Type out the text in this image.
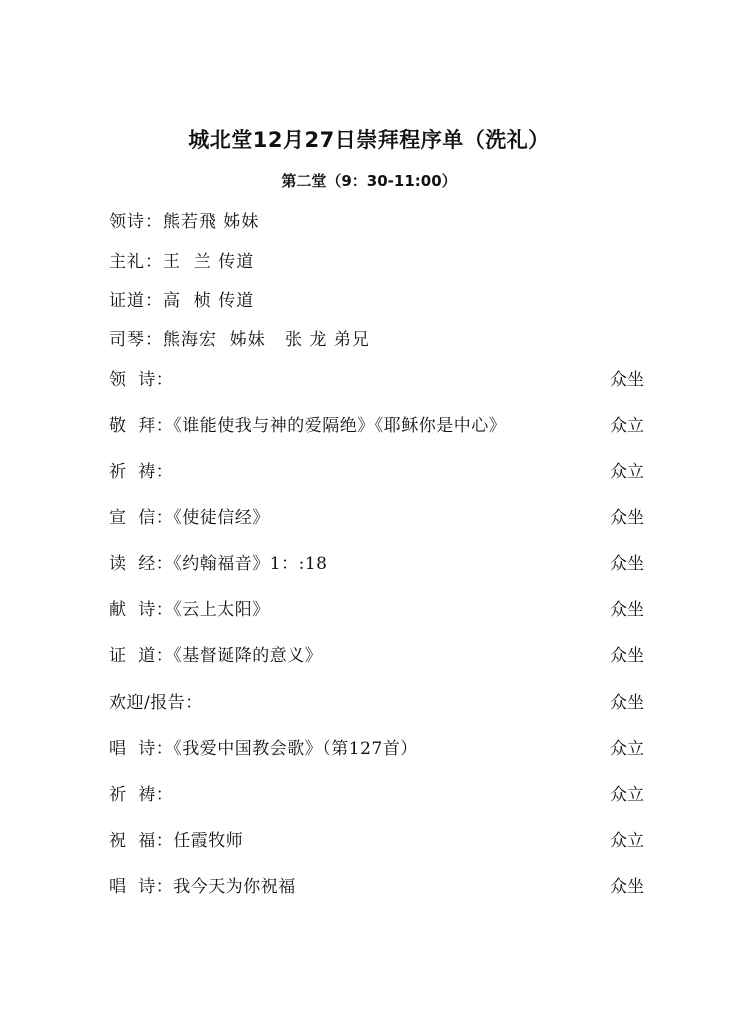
城北堂12月27日崇拜程序单（洗礼）
第二堂（9：30-11:00）
领诗：熊若飛 姊妹
主礼：王  兰 传道
证道：高  桢 传道
司琴：熊海宏  姊妹   张 龙 弟兄
领  诗：	众坐
敬  拜：《谁能使我与神的爱隔绝》《耶稣你是中心》	众立
祈  祷：	众立
宣  信：《使徒信经》	众坐
读  经：《约翰福音》1：:18	众坐
献  诗：《云上太阳》	众坐
证  道：《基督诞降的意义》	众坐
欢迎/报告：	众坐
唱  诗：《我爱中国教会歌》（第127首）	众立
祈  祷：	众立
祝  福：任霞牧师	众立
唱  诗：我今天为你祝福	众坐
